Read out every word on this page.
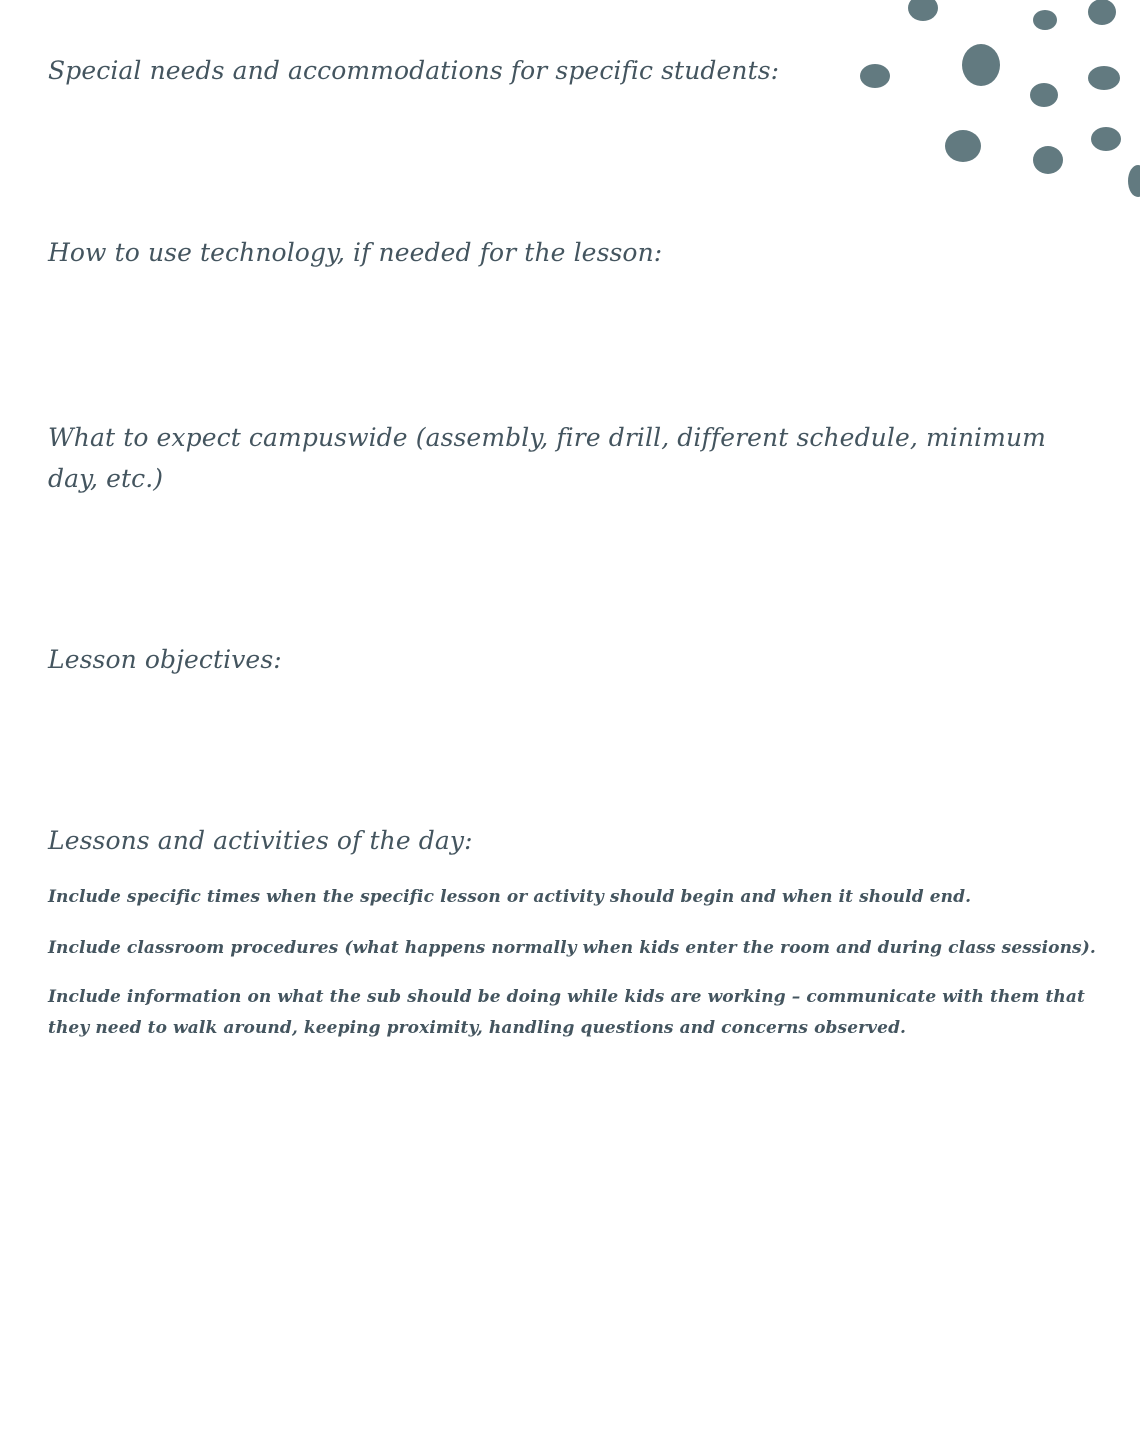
Special needs and accommodations for specific students:

How to use technology, if needed for the lesson:

What to expect campuswide (assembly, fire drill, different schedule, minimum day, etc.)

Lesson objectives:

Lessons and activities of the day:

Include specific times when the specific lesson or activity should begin and when it should end.

Include classroom procedures (what happens normally when kids enter the room and during class sessions).

Include information on what the sub should be doing while kids are working – communicate with them that they need to walk around, keeping proximity, handling questions and concerns observed.
